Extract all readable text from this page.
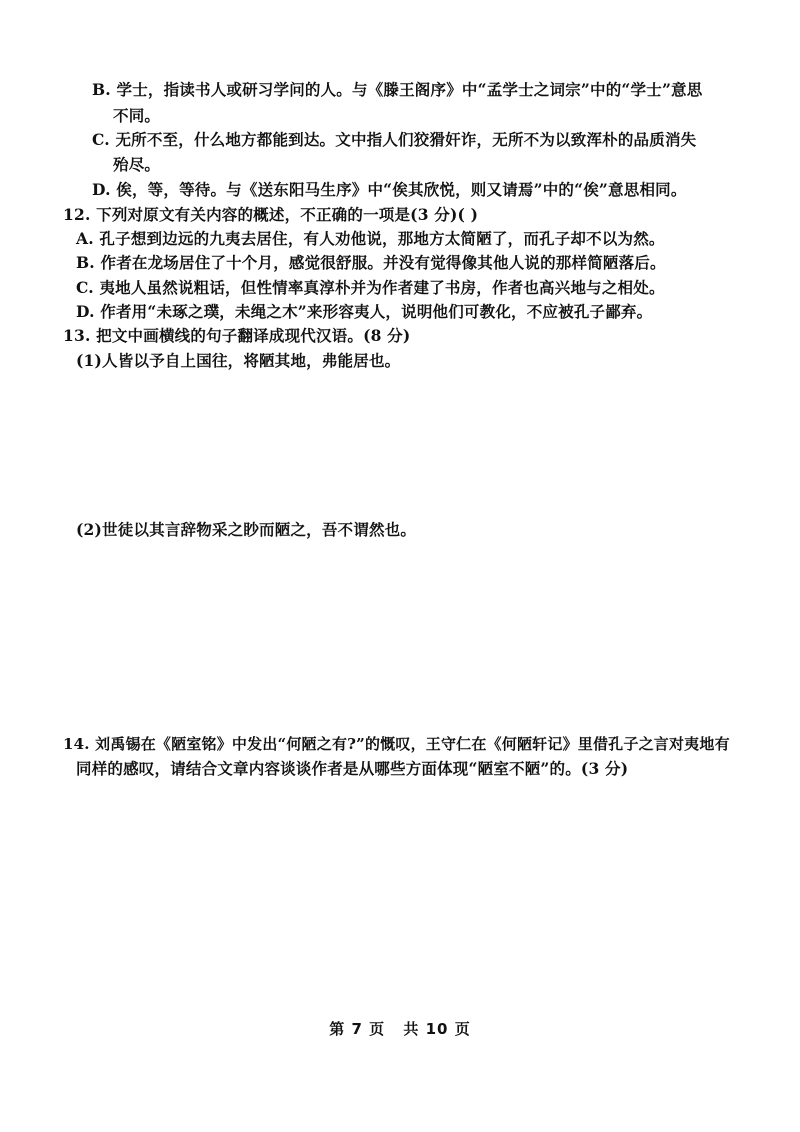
B. 学士，指读书人或研习学问的人。与《滕王阁序》中“孟学士之词宗”中的“学士”意思
不同。
C. 无所不至，什么地方都能到达。文中指人们狡猾奸诈，无所不为以致浑朴的品质消失
殆尽。
D. 俟，等，等待。与《送东阳马生序》中“俟其欣悦，则又请焉”中的“俟”意思相同。
12. 下列对原文有关内容的概述，不正确的一项是(3 分)( )
A. 孔子想到边远的九夷去居住，有人劝他说，那地方太简陋了，而孔子却不以为然。
B. 作者在龙场居住了十个月，感觉很舒服。并没有觉得像其他人说的那样简陋落后。
C. 夷地人虽然说粗话，但性情率真淳朴并为作者建了书房，作者也高兴地与之相处。
D. 作者用“未琢之璞，未绳之木”来形容夷人，说明他们可教化，不应被孔子鄙弃。
13. 把文中画横线的句子翻译成现代汉语。(8 分)
(1)人皆以予自上国往，将陋其地，弗能居也。
(2)世徒以其言辞物采之眇而陋之，吾不谓然也。
14. 刘禹锡在《陋室铭》中发出“何陋之有?”的慨叹，王守仁在《何陋轩记》里借孔子之言对夷地有
同样的感叹，请结合文章内容谈谈作者是从哪些方面体现“陋室不陋”的。(3 分)
第 7 页 共 10 页
